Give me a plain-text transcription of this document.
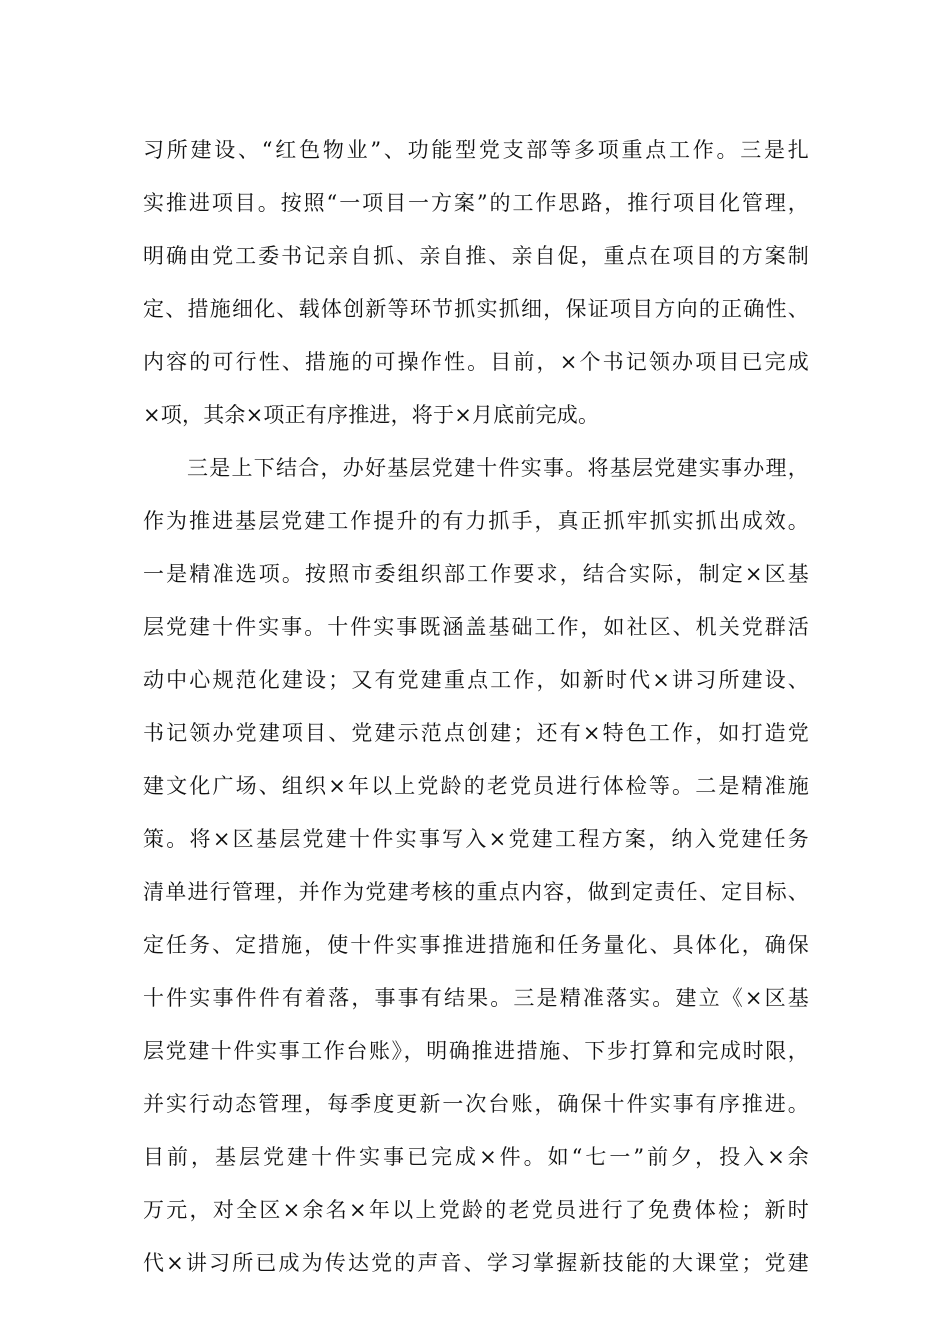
习所建设、“红色物业”、功能型党支部等多项重点工作。三是扎
实推进项目。按照“一项目一方案”的工作思路，推行项目化管理，
明确由党工委书记亲自抓、亲自推、亲自促，重点在项目的方案制
定、措施细化、载体创新等环节抓实抓细，保证项目方向的正确性、
内容的可行性、措施的可操作性。目前，×个书记领办项目已完成
×项，其余×项正有序推进，将于×月底前完成。
三是上下结合，办好基层党建十件实事。将基层党建实事办理，
作为推进基层党建工作提升的有力抓手，真正抓牢抓实抓出成效。
一是精准选项。按照市委组织部工作要求，结合实际，制定×区基
层党建十件实事。十件实事既涵盖基础工作，如社区、机关党群活
动中心规范化建设；又有党建重点工作，如新时代×讲习所建设、
书记领办党建项目、党建示范点创建；还有×特色工作，如打造党
建文化广场、组织×年以上党龄的老党员进行体检等。二是精准施
策。将×区基层党建十件实事写入×党建工程方案，纳入党建任务
清单进行管理，并作为党建考核的重点内容，做到定责任、定目标、
定任务、定措施，使十件实事推进措施和任务量化、具体化，确保
十件实事件件有着落，事事有结果。三是精准落实。建立《×区基
层党建十件实事工作台账》，明确推进措施、下步打算和完成时限，
并实行动态管理，每季度更新一次台账，确保十件实事有序推进。
目前，基层党建十件实事已完成×件。如“七一”前夕，投入×余
万元，对全区×余名×年以上党龄的老党员进行了免费体检；新时
代×讲习所已成为传达党的声音、学习掌握新技能的大课堂；党建
